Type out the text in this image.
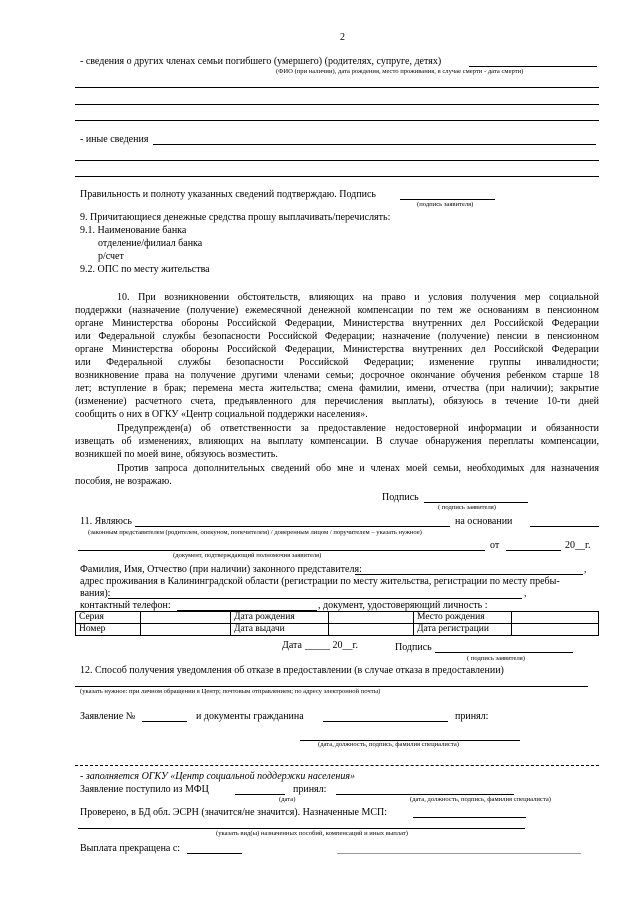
2
- сведения о других членах семьи погибшего (умершего) (родителях, супруге, детях)
(ФИО (при наличии), дата рождения, место проживания, в случае смерти - дата смерти)
- иные сведения
Правильность и полноту указанных сведений подтверждаю. Подпись
(подпись заявителя)
9. Причитающиеся денежные средства прошу выплачивать/перечислять:
9.1. Наименование банка
отделение/филиал банка
р/счет
9.2. ОПС по месту жительства
10. При возникновении обстоятельств, влияющих на право и условия получения мер социальной
поддержки (назначение (получение) ежемесячной денежной компенсации по тем же основаниям в пенсионном
органе Министерства обороны Российской Федерации, Министерства внутренних дел Российской Федерации
или Федеральной службы безопасности Российской Федерации; назначение (получение) пенсии в пенсионном
органе Министерства обороны Российской Федерации, Министерства внутренних дел Российской Федерации
или Федеральной службы безопасности Российской Федерации; изменение группы инвалидности;
возникновение права на получение другими членами семьи; досрочное окончание обучения ребенком старше 18
лет; вступление в брак; перемена места жительства; смена фамилии, имени, отчества (при наличии); закрытие
(изменение) расчетного счета, предъявленного для перечисления выплаты), обязуюсь в течение 10-ти дней
сообщить о них в ОГКУ «Центр социальной поддержки населения».
Предупрежден(а) об ответственности за предоставление недостоверной информации и обязанности
извещать об изменениях, влияющих на выплату компенсации. В случае обнаружения переплаты компенсации,
возникшей по моей вине, обязуюсь возместить.
Против запроса дополнительных сведений обо мне и членах моей семьи, необходимых для назначения
пособия, не возражаю.
Подпись
( подпись заявителя)
11. Являюсь	на основании
(законным представителем (родителем, опекуном, попечителем) / доверенным лицом / поручителем – указать нужное)
от	20__г.
(документ, подтверждающий полномочия заявителя)
Фамилия, Имя, Отчество (при наличии) законного представителя:	,
адрес проживания в Калининградской области (регистрации по месту жительства, регистрации по месту пребы-
вания):	,
контактный телефон:	, документ, удостоверяющий личность :
Серия		Дата рождения		Место рождения	
Номер		Дата выдачи		Дата регистрации	
Дата _____ 20__г.	Подпись
( подпись заявителя)
12. Способ получения уведомления об отказе в предоставлении (в случае отказа в предоставлении)
(указать нужное: при личном обращении в Центр; почтовым отправлением; по адресу электронной почты)
Заявление №	и документы гражданина	принял:
(дата, должность, подпись, фамилия специалиста)
- заполняется ОГКУ «Центр социальной поддержки населения»
Заявление поступило из МФЦ	принял:
(дата)	(дата, должность, подпись, фамилия специалиста)
Проверено, в БД обл. ЭСРН (значится/не значится). Назначенные МСП:
(указать вид(ы) назначенных пособий, компенсаций и иных выплат)
Выплата прекращена с:
